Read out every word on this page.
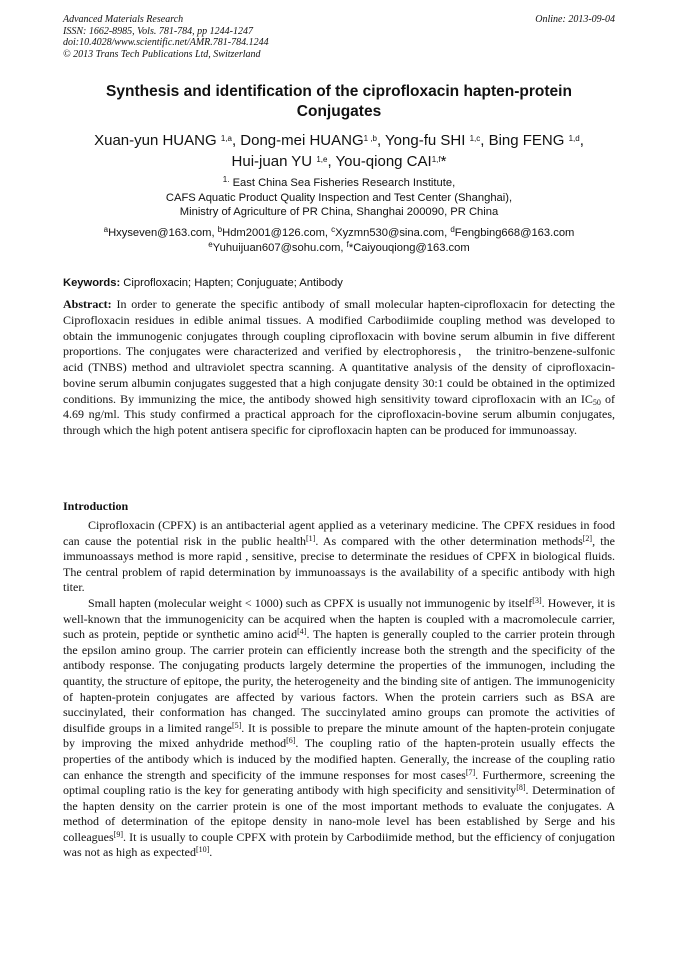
Advanced Materials Research
ISSN: 1662-8985, Vols. 781-784, pp 1244-1247
doi:10.4028/www.scientific.net/AMR.781-784.1244
© 2013 Trans Tech Publications Ltd, Switzerland
Online: 2013-09-04
Synthesis and identification of the ciprofloxacin hapten-protein
Conjugates
Xuan-yun HUANG $^{1,a}$, Dong-mei HUANG$^{1 ,b}$, Yong-fu SHI $^{1,c}$, Bing FENG $^{1,d}$,
Hui-juan YU $^{1,e}$, You-qiong CAI$^{1,f}$*
$^{1.}$ East China Sea Fisheries Research Institute,
CAFS Aquatic Product Quality Inspection and Test Center (Shanghai),
Ministry of Agriculture of PR China, Shanghai 200090, PR China
$^a$Hxyseven@163.com, $^b$Hdm2001@126.com, $^c$Xyzmn530@sina.com, $^d$Fengbing668@163.com
$^e$Yuhuijuan607@sohu.com, $^f$*Caiyouqiong@163.com
Keywords: Ciprofloxacin; Hapten; Conjuguate; Antibody
Abstract: In order to generate the specific antibody of small molecular hapten-ciprofloxacin for detecting the Ciprofloxacin residues in edible animal tissues. A modified Carbodiimide coupling method was developed to obtain the immunogenic conjugates through coupling ciprofloxacin with bovine serum albumin in five different proportions. The conjugates were characterized and verified by electrophoresis， the trinitro-benzene-sulfonic acid (TNBS) method and ultraviolet spectra scanning. A quantitative analysis of the density of ciprofloxacin-bovine serum albumin conjugates suggested that a high conjugate density 30:1 could be obtained in the optimized conditions. By immunizing the mice, the antibody showed high sensitivity toward ciprofloxacin with an $IC_{50}$ of 4.69 ng/ml. This study confirmed a practical approach for the ciprofloxacin-bovine serum albumin conjugates, through which the high potent antisera specific for ciprofloxacin hapten can be produced for immunoassay.
Introduction

Ciprofloxacin (CPFX) is an antibacterial agent applied as a veterinary medicine. The CPFX residues in food can cause the potential risk in the public health[1]. As compared with the other determination methods[2], the immunoassays method is more rapid , sensitive, precise to determinate the residues of CPFX in biological fluids. The central problem of rapid determination by immunoassays is the availability of a specific antibody with high titer.

Small hapten (molecular weight < 1000) such as CPFX is usually not immunogenic by itself[3]. However, it is well-known that the immunogenicity can be acquired when the hapten is coupled with a macromolecule carrier, such as protein, peptide or synthetic amino acid[4]. The hapten is generally coupled to the carrier protein through the epsilon amino group. The carrier protein can efficiently increase both the strength and the specificity of the antibody response. The conjugating products largely determine the properties of the immunogen, including the quantity, the structure of epitope, the purity, the heterogeneity and the binding site of antigen. The immunogenicity of hapten-protein conjugates are affected by various factors. When the protein carriers such as BSA are succinylated, their conformation has changed. The succinylated amino groups can promote the activities of disulfide groups in a limited range[5]. It is possible to prepare the minute amount of the hapten-protein conjugate by improving the mixed anhydride method[6]. The coupling ratio of the hapten-protein usually effects the properties of the antibody which is induced by the modified hapten. Generally, the increase of the coupling ratio can enhance the strength and specificity of the immune responses for most cases[7]. Furthermore, screening the optimal coupling ratio is the key for generating antibody with high specificity and sensitivity[8]. Determination of the hapten density on the carrier protein is one of the most important methods to evaluate the conjugates. A method of determination of the epitope density in nano-mole level has been established by Serge and his colleagues[9]. It is usually to couple CPFX with protein by Carbodiimide method, but the efficiency of conjugation was not as high as expected[10].
